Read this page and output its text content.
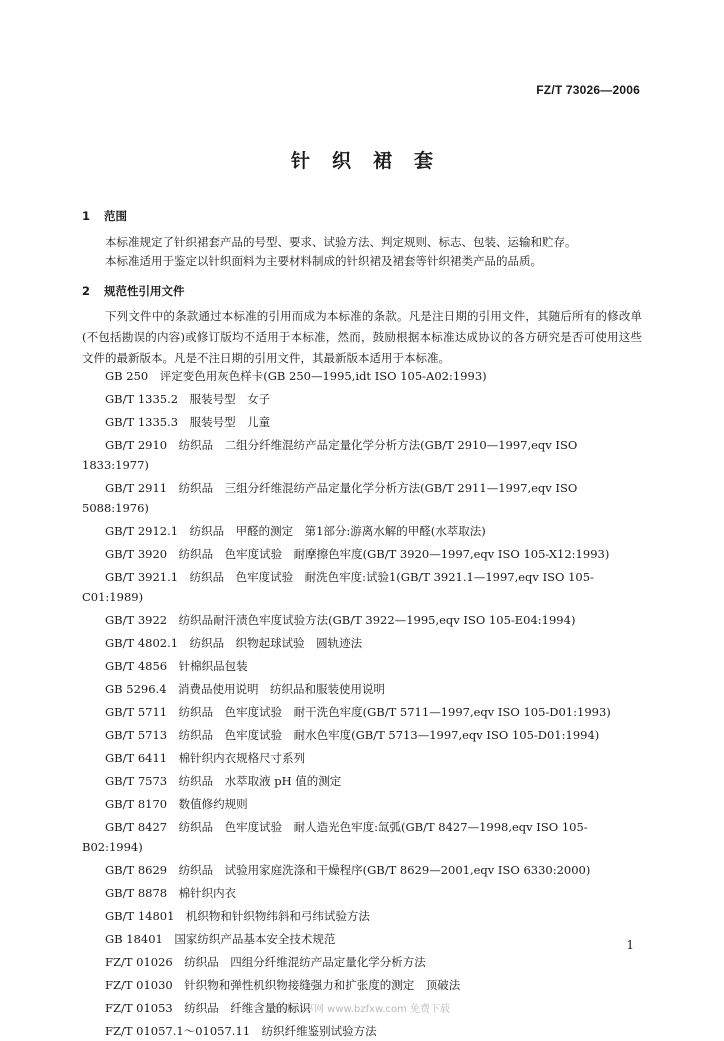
FZ/T 73026—2006
针织裙套
1 范围
本标准规定了针织裙套产品的号型、要求、试验方法、判定规则、标志、包装、运输和贮存。
本标准适用于鉴定以针织面料为主要材料制成的针织裙及裙套等针织裙类产品的品质。
2 规范性引用文件
下列文件中的条款通过本标准的引用而成为本标准的条款。凡是注日期的引用文件，其随后所有的修改单(不包括勘误的内容)或修订版均不适用于本标准，然而，鼓励根据本标准达成协议的各方研究是否可使用这些文件的最新版本。凡是不注日期的引用文件，其最新版本适用于本标准。
GB 250　评定变色用灰色样卡(GB 250—1995,idt ISO 105-A02:1993)
GB/T 1335.2　服装号型　女子
GB/T 1335.3　服装号型　儿童
GB/T 2910　纺织品　二组分纤维混纺产品定量化学分析方法(GB/T 2910—1997,eqv ISO 1833:1977)
GB/T 2911　纺织品　三组分纤维混纺产品定量化学分析方法(GB/T 2911—1997,eqv ISO 5088:1976)
GB/T 2912.1　纺织品　甲醛的测定　第1部分:游离水解的甲醛(水萃取法)
GB/T 3920　纺织品　色牢度试验　耐摩擦色牢度(GB/T 3920—1997,eqv ISO 105-X12:1993)
GB/T 3921.1　纺织品　色牢度试验　耐洗色牢度:试验1(GB/T 3921.1—1997,eqv ISO 105-C01:1989)
GB/T 3922　纺织品耐汗渍色牢度试验方法(GB/T 3922—1995,eqv ISO 105-E04:1994)
GB/T 4802.1　纺织品　织物起球试验　圆轨迹法
GB/T 4856　针棉织品包装
GB 5296.4　消费品使用说明　纺织品和服装使用说明
GB/T 5711　纺织品　色牢度试验　耐干洗色牢度(GB/T 5711—1997,eqv ISO 105-D01:1993)
GB/T 5713　纺织品　色牢度试验　耐水色牢度(GB/T 5713—1997,eqv ISO 105-D01:1994)
GB/T 6411　棉针织内衣规格尺寸系列
GB/T 7573　纺织品　水萃取液 pH 值的测定
GB/T 8170　数值修约规则
GB/T 8427　纺织品　色牢度试验　耐人造光色牢度:氙弧(GB/T 8427—1998,eqv ISO 105-B02:1994)
1
标准分享网 www.bzfxw.com 免费下载
GB/T 8629　纺织品　试验用家庭洗涤和干燥程序(GB/T 8629—2001,eqv ISO 6330:2000)
GB/T 8878　棉针织内衣
GB/T 14801　机织物和针织物纬斜和弓纬试验方法
GB 18401　国家纺织产品基本安全技术规范
FZ/T 01026　纺织品　四组分纤维混纺产品定量化学分析方法
FZ/T 01030　针织物和弹性机织物接缝强力和扩张度的测定　顶破法
FZ/T 01053　纺织品　纤维含量的标识
FZ/T 01057.1～01057.11　纺织纤维鉴别试验方法
